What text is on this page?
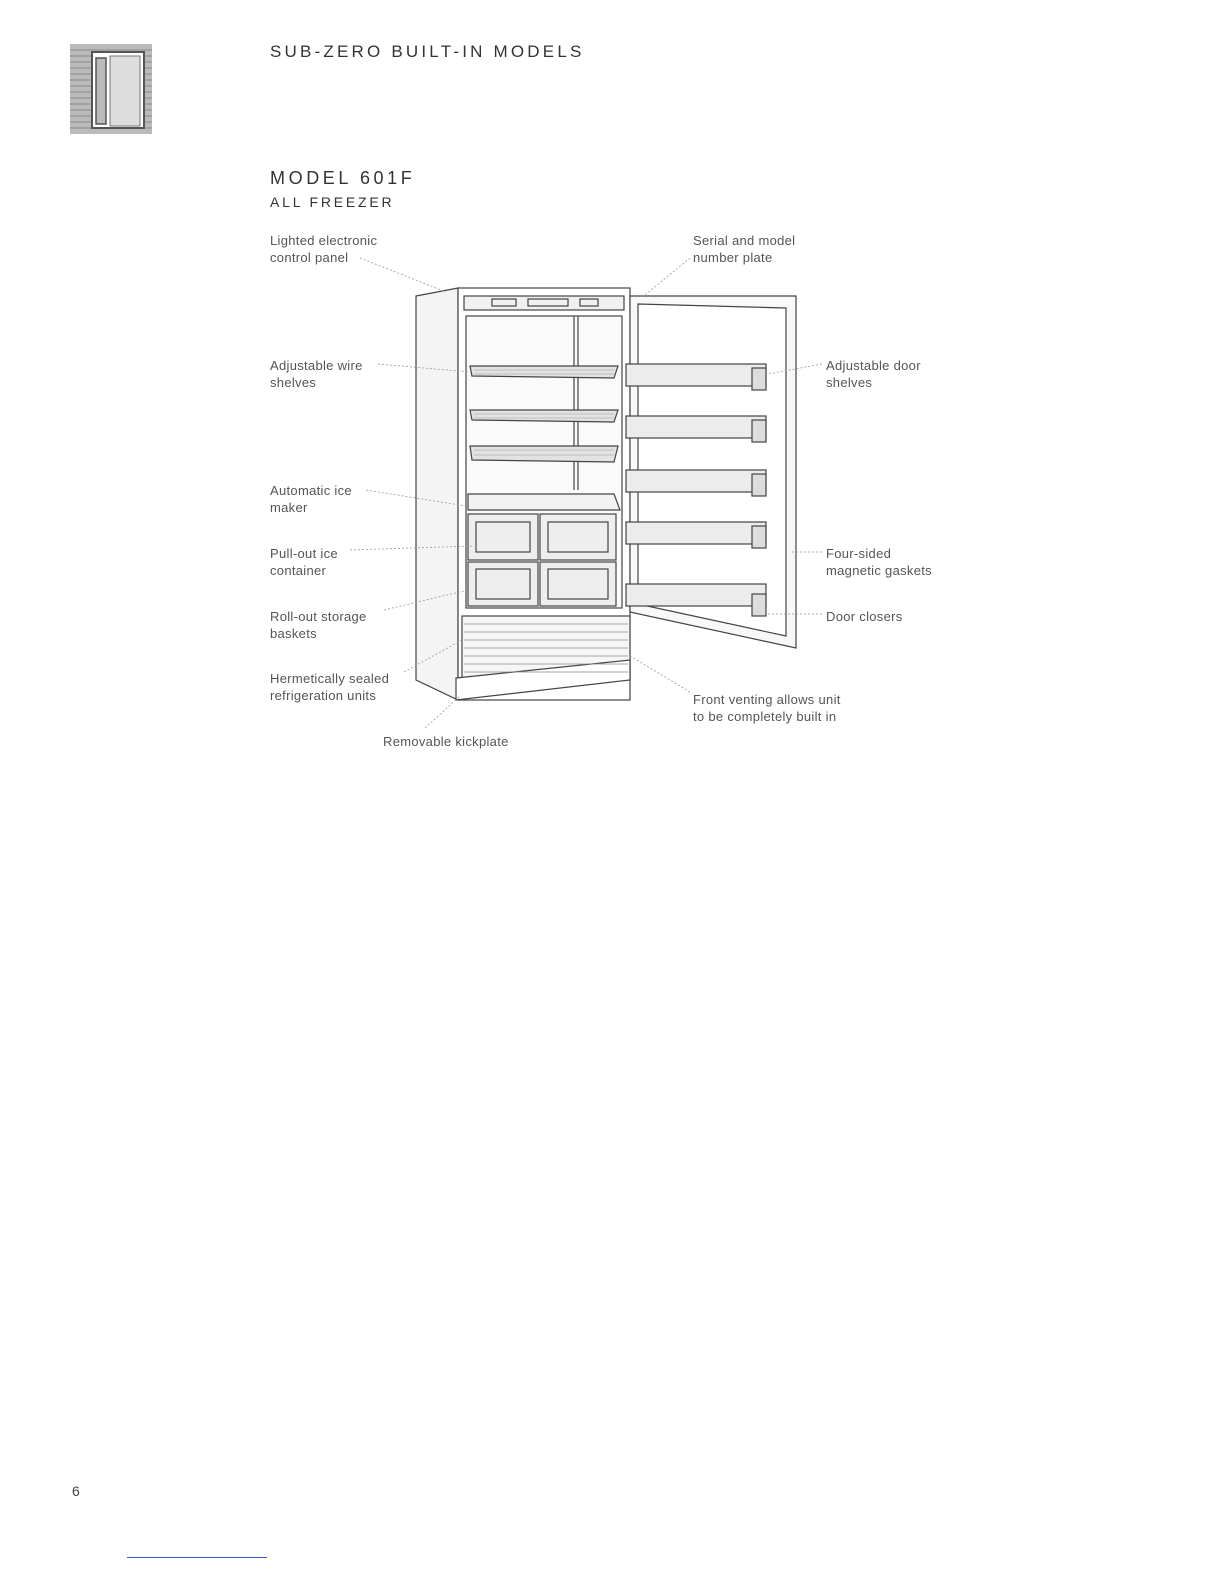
SUB-ZERO BUILT-IN MODELS
MODEL 601F
ALL FREEZER
Lighted electronic
control panel
Serial and model
number plate
Adjustable wire
shelves
Adjustable door
shelves
Automatic ice
maker
Pull-out ice
container
Four-sided
magnetic gaskets
Roll-out storage
baskets
Door closers
Hermetically sealed
refrigeration units	Front venting allows unit
to be completely built in
Removable kickplate
6
